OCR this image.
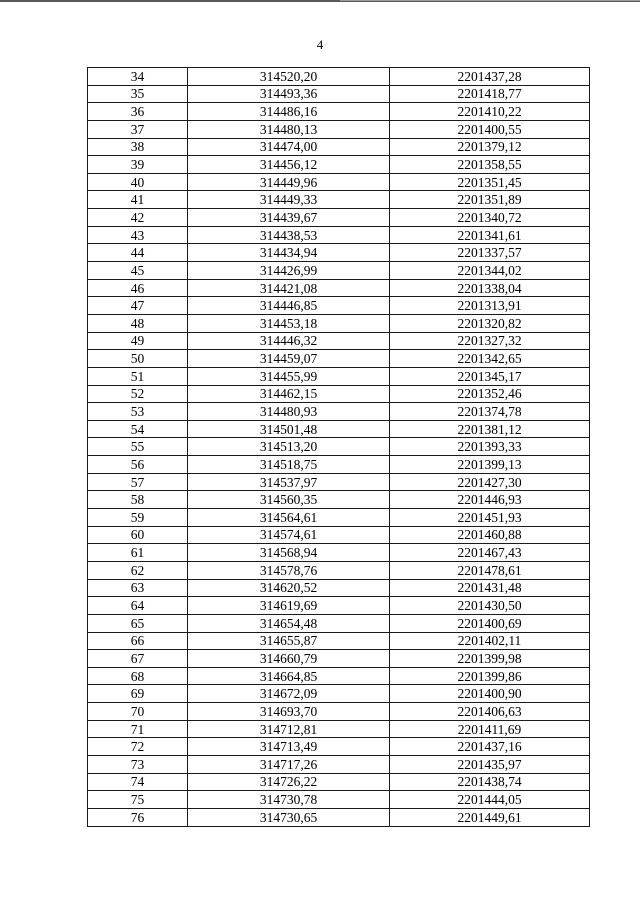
4
34	314520,20	2201437,28
35	314493,36	2201418,77
36	314486,16	2201410,22
37	314480,13	2201400,55
38	314474,00	2201379,12
39	314456,12	2201358,55
40	314449,96	2201351,45
41	314449,33	2201351,89
42	314439,67	2201340,72
43	314438,53	2201341,61
44	314434,94	2201337,57
45	314426,99	2201344,02
46	314421,08	2201338,04
47	314446,85	2201313,91
48	314453,18	2201320,82
49	314446,32	2201327,32
50	314459,07	2201342,65
51	314455,99	2201345,17
52	314462,15	2201352,46
53	314480,93	2201374,78
54	314501,48	2201381,12
55	314513,20	2201393,33
56	314518,75	2201399,13
57	314537,97	2201427,30
58	314560,35	2201446,93
59	314564,61	2201451,93
60	314574,61	2201460,88
61	314568,94	2201467,43
62	314578,76	2201478,61
63	314620,52	2201431,48
64	314619,69	2201430,50
65	314654,48	2201400,69
66	314655,87	2201402,11
67	314660,79	2201399,98
68	314664,85	2201399,86
69	314672,09	2201400,90
70	314693,70	2201406,63
71	314712,81	2201411,69
72	314713,49	2201437,16
73	314717,26	2201435,97
74	314726,22	2201438,74
75	314730,78	2201444,05
76	314730,65	2201449,61
